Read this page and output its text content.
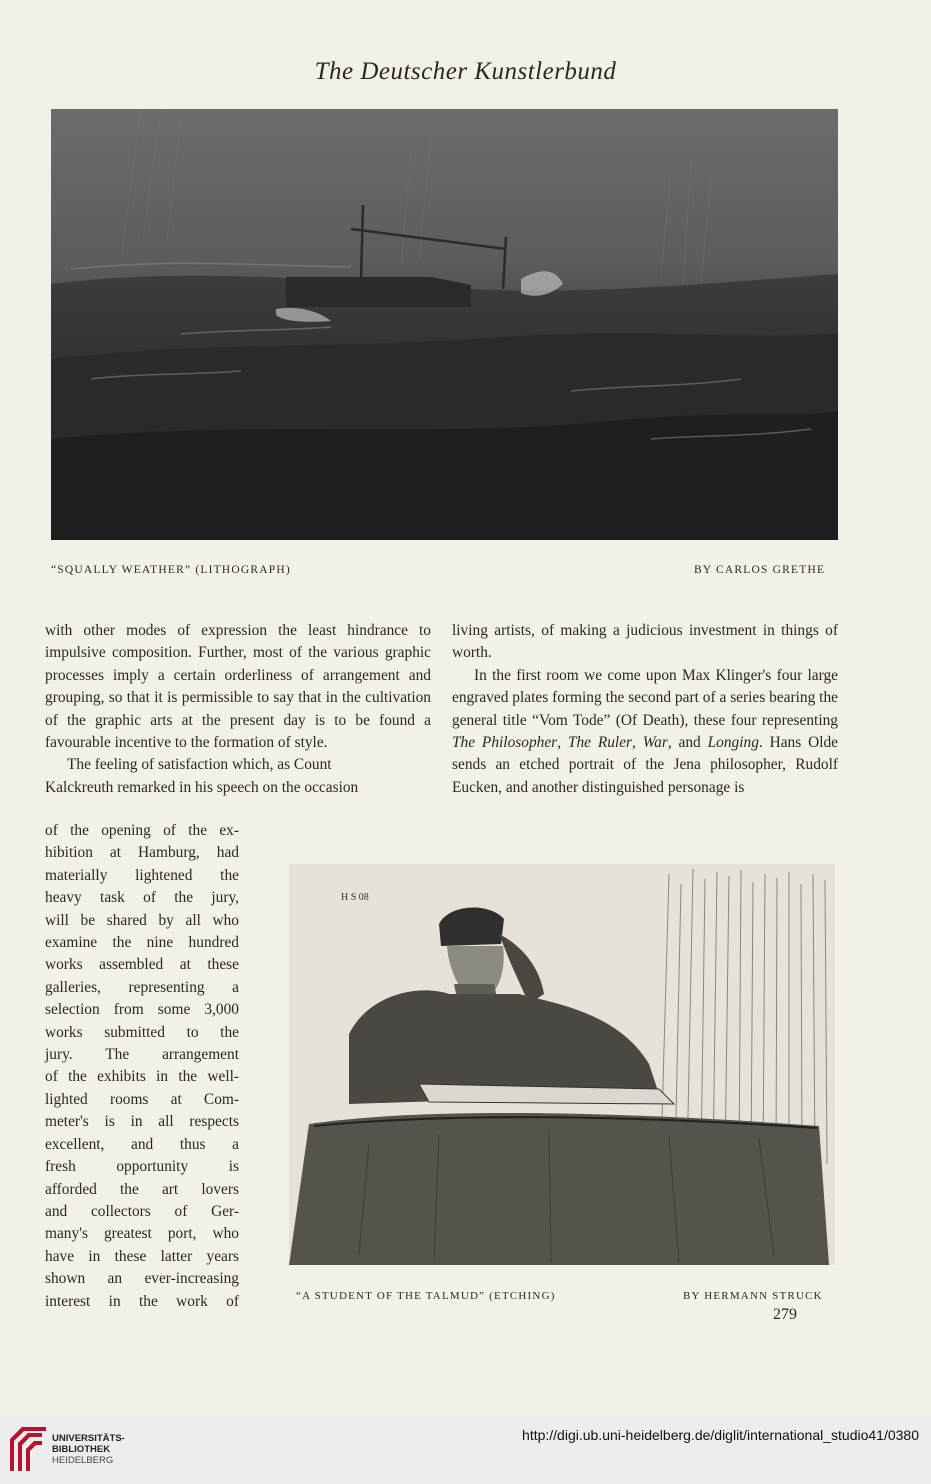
The Deutscher Kunstlerbund
“SQUALLY WEATHER” (LITHOGRAPH)	BY CARLOS GRETHE

with other modes of expression the least hindrance to impulsive composition. Further, most of the various graphic processes imply a certain orderliness of arrangement and grouping, so that it is permissible to say that in the cultivation of the graphic arts at the present day is to be found a favourable incentive to the formation of style.

The feeling of satisfaction which, as Count

Kalckreuth remarked in his speech on the occasion

of the opening of the ex-
hibition at Hamburg, had
materially lightened the
heavy task of the jury,
will be shared by all who
examine the nine hundred
works assembled at these
galleries, representing a
selection from some 3,000
works submitted to the
jury. The arrangement
of the exhibits in the well-
lighted rooms at Com-
meter's is in all respects
excellent, and thus a
fresh opportunity is
afforded the art lovers
and collectors of Ger-
many's greatest port, who
have in these latter years
shown an ever-increasing
interest in the work of

living artists, of making a judicious investment in things of worth.

In the first room we come upon Max Klinger's four large engraved plates forming the second part of a series bearing the general title “Vom Tode” (Of Death), these four representing The Philosopher, The Ruler, War, and Longing. Hans Olde sends an etched portrait of the Jena philosopher, Rudolf Eucken, and another distinguished personage is

H S 08
“A STUDENT OF THE TALMUD” (ETCHING)	BY HERMANN STRUCK
279
UNIVERSITÄTS-
BIBLIOTHEK
HEIDELBERG
http://digi.ub.uni-heidelberg.de/diglit/international_studio41/0380
